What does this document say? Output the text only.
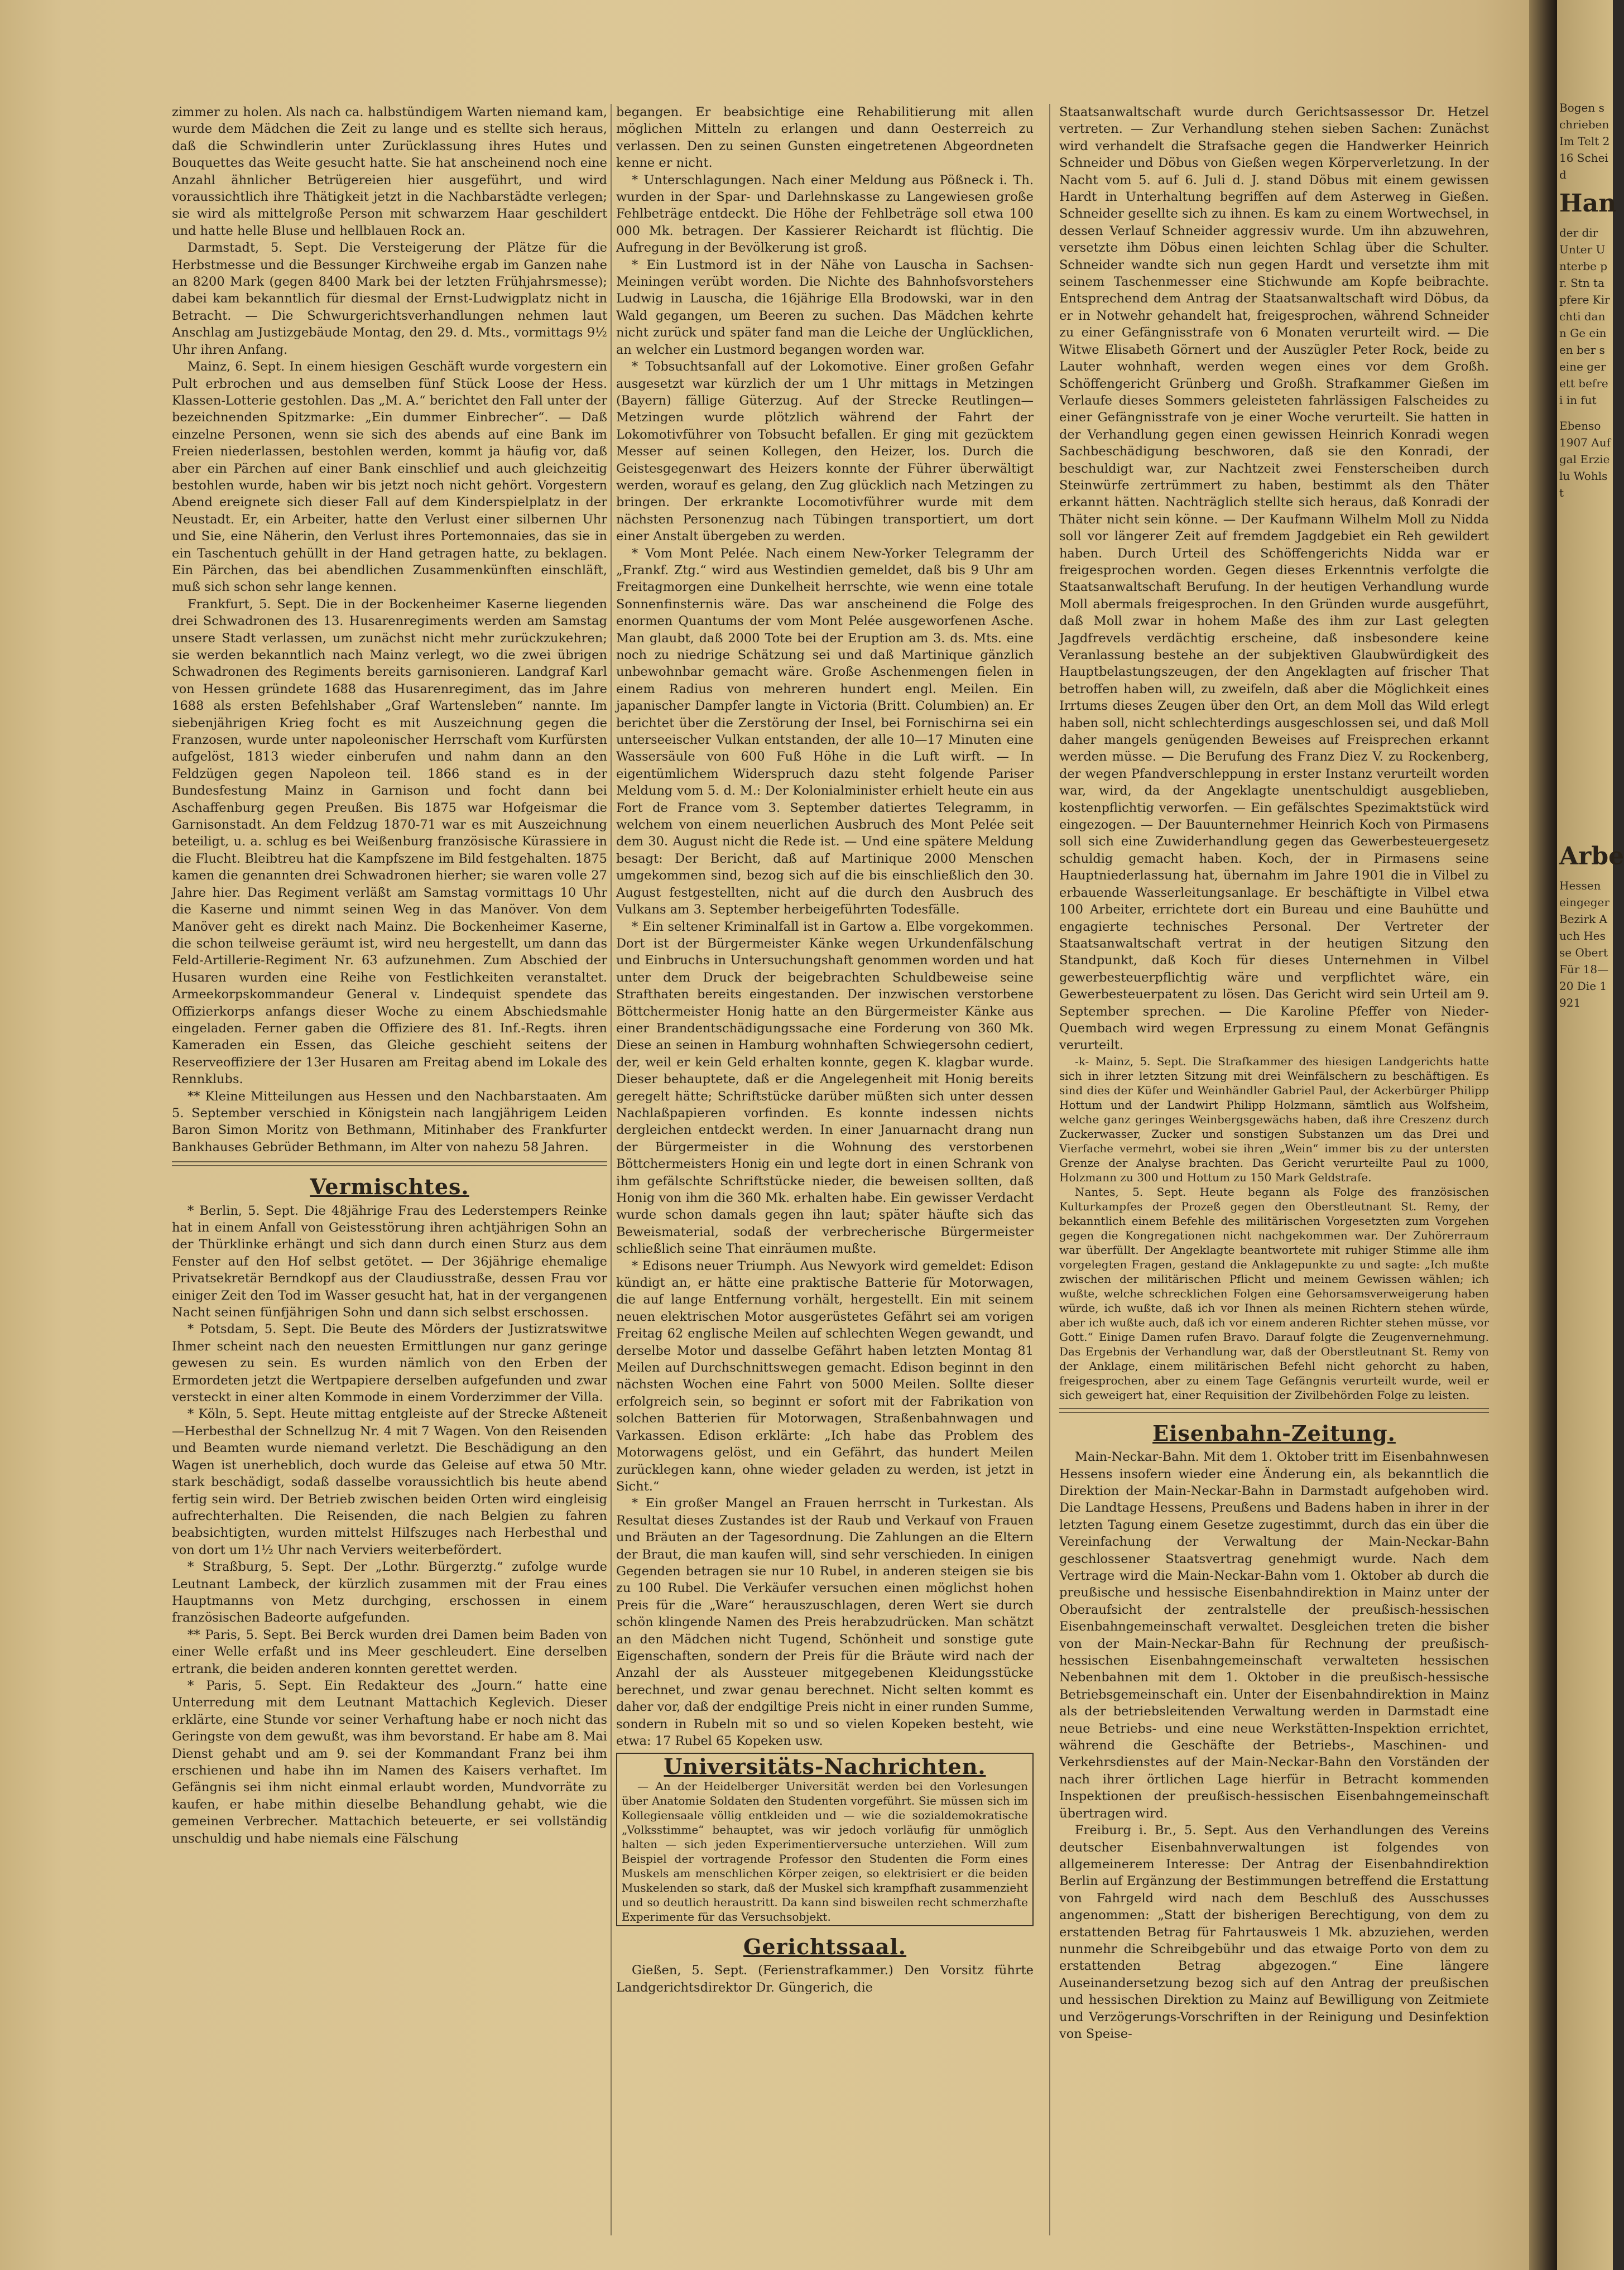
zimmer zu holen. Als nach ca. halbstündigem Warten niemand kam, wurde dem Mädchen die Zeit zu lange und es stellte sich heraus, daß die Schwindlerin unter Zurücklassung ihres Hutes und Bouquettes das Weite gesucht hatte. Sie hat anscheinend noch eine Anzahl ähnlicher Betrügereien hier ausgeführt, und wird voraussichtlich ihre Thätigkeit jetzt in die Nachbarstädte verlegen; sie wird als mittelgroße Person mit schwarzem Haar geschildert und hatte helle Bluse und hellblauen Rock an.

Darmstadt, 5. Sept. Die Versteigerung der Plätze für die Herbstmesse und die Bessunger Kirchweihe ergab im Ganzen nahe an 8200 Mark (gegen 8400 Mark bei der letzten Frühjahrsmesse); dabei kam bekanntlich für diesmal der Ernst-Ludwigplatz nicht in Betracht. — Die Schwurgerichtsverhandlungen nehmen laut Anschlag am Justizgebäude Montag, den 29. d. Mts., vormittags 9½ Uhr ihren Anfang.

Mainz, 6. Sept. In einem hiesigen Geschäft wurde vorgestern ein Pult erbrochen und aus demselben fünf Stück Loose der Hess. Klassen-Lotterie gestohlen. Das „M. A.“ berichtet den Fall unter der bezeichnenden Spitzmarke: „Ein dummer Einbrecher“. — Daß einzelne Personen, wenn sie sich des abends auf eine Bank im Freien niederlassen, bestohlen werden, kommt ja häufig vor, daß aber ein Pärchen auf einer Bank einschlief und auch gleichzeitig bestohlen wurde, haben wir bis jetzt noch nicht gehört. Vorgestern Abend ereignete sich dieser Fall auf dem Kinderspielplatz in der Neustadt. Er, ein Arbeiter, hatte den Verlust einer silbernen Uhr und Sie, eine Näherin, den Verlust ihres Portemonnaies, das sie in ein Taschentuch gehüllt in der Hand getragen hatte, zu beklagen. Ein Pärchen, das bei abendlichen Zusammenkünften einschläft, muß sich schon sehr lange kennen.

Frankfurt, 5. Sept. Die in der Bockenheimer Kaserne liegenden drei Schwadronen des 13. Husarenregiments werden am Samstag unsere Stadt verlassen, um zunächst nicht mehr zurückzukehren; sie werden bekanntlich nach Mainz verlegt, wo die zwei übrigen Schwadronen des Regiments bereits garnisonieren. Landgraf Karl von Hessen gründete 1688 das Husarenregiment, das im Jahre 1688 als ersten Befehlshaber „Graf Wartensleben“ nannte. Im siebenjährigen Krieg focht es mit Auszeichnung gegen die Franzosen, wurde unter napoleonischer Herrschaft vom Kurfürsten aufgelöst, 1813 wieder einberufen und nahm dann an den Feldzügen gegen Napoleon teil. 1866 stand es in der Bundesfestung Mainz in Garnison und focht dann bei Aschaffenburg gegen Preußen. Bis 1875 war Hofgeismar die Garnisonstadt. An dem Feldzug 1870-71 war es mit Auszeichnung beteiligt, u. a. schlug es bei Weißenburg französische Kürassiere in die Flucht. Bleibtreu hat die Kampfszene im Bild festgehalten. 1875 kamen die genannten drei Schwadronen hierher; sie waren volle 27 Jahre hier. Das Regiment verläßt am Samstag vormittags 10 Uhr die Kaserne und nimmt seinen Weg in das Manöver. Von dem Manöver geht es direkt nach Mainz. Die Bockenheimer Kaserne, die schon teilweise geräumt ist, wird neu hergestellt, um dann das Feld-Artillerie-Regiment Nr. 63 aufzunehmen. Zum Abschied der Husaren wurden eine Reihe von Festlichkeiten veranstaltet. Armeekorpskommandeur General v. Lindequist spendete das Offizierkorps anfangs dieser Woche zu einem Abschiedsmahle eingeladen. Ferner gaben die Offiziere des 81. Inf.-Regts. ihren Kameraden ein Essen, das Gleiche geschieht seitens der Reserveoffiziere der 13er Husaren am Freitag abend im Lokale des Rennklubs.

** Kleine Mitteilungen aus Hessen und den Nachbarstaaten. Am 5. September verschied in Königstein nach langjährigem Leiden Baron Simon Moritz von Bethmann, Mitinhaber des Frankfurter Bankhauses Gebrüder Bethmann, im Alter von nahezu 58 Jahren.

Vermischtes.

* Berlin, 5. Sept. Die 48jährige Frau des Lederstempers Reinke hat in einem Anfall von Geistesstörung ihren achtjährigen Sohn an der Thürklinke erhängt und sich dann durch einen Sturz aus dem Fenster auf den Hof selbst getötet. — Der 36jährige ehemalige Privatsekretär Berndkopf aus der Claudiusstraße, dessen Frau vor einiger Zeit den Tod im Wasser gesucht hat, hat in der vergangenen Nacht seinen fünfjährigen Sohn und dann sich selbst erschossen.

* Potsdam, 5. Sept. Die Beute des Mörders der Justizratswitwe Ihmer scheint nach den neuesten Ermittlungen nur ganz geringe gewesen zu sein. Es wurden nämlich von den Erben der Ermordeten jetzt die Wertpapiere derselben aufgefunden und zwar versteckt in einer alten Kommode in einem Vorderzimmer der Villa.

* Köln, 5. Sept. Heute mittag entgleiste auf der Strecke Aßteneit—Herbesthal der Schnellzug Nr. 4 mit 7 Wagen. Von den Reisenden und Beamten wurde niemand verletzt. Die Beschädigung an den Wagen ist unerheblich, doch wurde das Geleise auf etwa 50 Mtr. stark beschädigt, sodaß dasselbe voraussichtlich bis heute abend fertig sein wird. Der Betrieb zwischen beiden Orten wird eingleisig aufrechterhalten. Die Reisenden, die nach Belgien zu fahren beabsichtigten, wurden mittelst Hilfszuges nach Herbesthal und von dort um 1½ Uhr nach Verviers weiterbefördert.

* Straßburg, 5. Sept. Der „Lothr. Bürgerztg.“ zufolge wurde Leutnant Lambeck, der kürzlich zusammen mit der Frau eines Hauptmanns von Metz durchging, erschossen in einem französischen Badeorte aufgefunden.

** Paris, 5. Sept. Bei Berck wurden drei Damen beim Baden von einer Welle erfaßt und ins Meer geschleudert. Eine derselben ertrank, die beiden anderen konnten gerettet werden.

* Paris, 5. Sept. Ein Redakteur des „Journ.“ hatte eine Unterredung mit dem Leutnant Mattachich Keglevich. Dieser erklärte, eine Stunde vor seiner Verhaftung habe er noch nicht das Geringste von dem gewußt, was ihm bevorstand. Er habe am 8. Mai Dienst gehabt und am 9. sei der Kommandant Franz bei ihm erschienen und habe ihn im Namen des Kaisers verhaftet. Im Gefängnis sei ihm nicht einmal erlaubt worden, Mundvorräte zu kaufen, er habe mithin dieselbe Behandlung gehabt, wie die gemeinen Verbrecher. Mattachich beteuerte, er sei vollständig unschuldig und habe niemals eine Fälschung

begangen. Er beabsichtige eine Rehabilitierung mit allen möglichen Mitteln zu erlangen und dann Oesterreich zu verlassen. Den zu seinen Gunsten eingetretenen Abgeordneten kenne er nicht.

* Unterschlagungen. Nach einer Meldung aus Pößneck i. Th. wurden in der Spar- und Darlehnskasse zu Langewiesen große Fehlbeträge entdeckt. Die Höhe der Fehlbeträge soll etwa 100 000 Mk. betragen. Der Kassierer Reichardt ist flüchtig. Die Aufregung in der Bevölkerung ist groß.

* Ein Lustmord ist in der Nähe von Lauscha in Sachsen-Meiningen verübt worden. Die Nichte des Bahnhofsvorstehers Ludwig in Lauscha, die 16jährige Ella Brodowski, war in den Wald gegangen, um Beeren zu suchen. Das Mädchen kehrte nicht zurück und später fand man die Leiche der Unglücklichen, an welcher ein Lustmord begangen worden war.

* Tobsuchtsanfall auf der Lokomotive. Einer großen Gefahr ausgesetzt war kürzlich der um 1 Uhr mittags in Metzingen (Bayern) fällige Güterzug. Auf der Strecke Reutlingen—Metzingen wurde plötzlich während der Fahrt der Lokomotivführer von Tobsucht befallen. Er ging mit gezücktem Messer auf seinen Kollegen, den Heizer, los. Durch die Geistesgegenwart des Heizers konnte der Führer überwältigt werden, worauf es gelang, den Zug glücklich nach Metzingen zu bringen. Der erkrankte Locomotivführer wurde mit dem nächsten Personenzug nach Tübingen transportiert, um dort einer Anstalt übergeben zu werden.

* Vom Mont Pelée. Nach einem New-Yorker Telegramm der „Frankf. Ztg.“ wird aus Westindien gemeldet, daß bis 9 Uhr am Freitagmorgen eine Dunkelheit herrschte, wie wenn eine totale Sonnenfinsternis wäre. Das war anscheinend die Folge des enormen Quantums der vom Mont Pelée ausgeworfenen Asche. Man glaubt, daß 2000 Tote bei der Eruption am 3. ds. Mts. eine noch zu niedrige Schätzung sei und daß Martinique gänzlich unbewohnbar gemacht wäre. Große Aschenmengen fielen in einem Radius von mehreren hundert engl. Meilen. Ein japanischer Dampfer langte in Victoria (Britt. Columbien) an. Er berichtet über die Zerstörung der Insel, bei Fornischirna sei ein unterseeischer Vulkan entstanden, der alle 10—17 Minuten eine Wassersäule von 600 Fuß Höhe in die Luft wirft. — In eigentümlichem Widerspruch dazu steht folgende Pariser Meldung vom 5. d. M.: Der Kolonialminister erhielt heute ein aus Fort de France vom 3. September datiertes Telegramm, in welchem von einem neuerlichen Ausbruch des Mont Pelée seit dem 30. August nicht die Rede ist. — Und eine spätere Meldung besagt: Der Bericht, daß auf Martinique 2000 Menschen umgekommen sind, bezog sich auf die bis einschließlich den 30. August festgestellten, nicht auf die durch den Ausbruch des Vulkans am 3. September herbeigeführten Todesfälle.

* Ein seltener Kriminalfall ist in Gartow a. Elbe vorgekommen. Dort ist der Bürgermeister Känke wegen Urkundenfälschung und Einbruchs in Untersuchungshaft genommen worden und hat unter dem Druck der beigebrachten Schuldbeweise seine Strafthaten bereits eingestanden. Der inzwischen verstorbene Böttchermeister Honig hatte an den Bürgermeister Känke aus einer Brandentschädigungssache eine Forderung von 360 Mk. Diese an seinen in Hamburg wohnhaften Schwiegersohn cediert, der, weil er kein Geld erhalten konnte, gegen K. klagbar wurde. Dieser behauptete, daß er die Angelegenheit mit Honig bereits geregelt hätte; Schriftstücke darüber müßten sich unter dessen Nachlaßpapieren vorfinden. Es konnte indessen nichts dergleichen entdeckt werden. In einer Januarnacht drang nun der Bürgermeister in die Wohnung des verstorbenen Böttchermeisters Honig ein und legte dort in einen Schrank von ihm gefälschte Schriftstücke nieder, die beweisen sollten, daß Honig von ihm die 360 Mk. erhalten habe. Ein gewisser Verdacht wurde schon damals gegen ihn laut; später häufte sich das Beweismaterial, sodaß der verbrecherische Bürgermeister schließlich seine That einräumen mußte.

* Edisons neuer Triumph. Aus Newyork wird gemeldet: Edison kündigt an, er hätte eine praktische Batterie für Motorwagen, die auf lange Entfernung vorhält, hergestellt. Ein mit seinem neuen elektrischen Motor ausgerüstetes Gefährt sei am vorigen Freitag 62 englische Meilen auf schlechten Wegen gewandt, und derselbe Motor und dasselbe Gefährt haben letzten Montag 81 Meilen auf Durchschnittswegen gemacht. Edison beginnt in den nächsten Wochen eine Fahrt von 5000 Meilen. Sollte dieser erfolgreich sein, so beginnt er sofort mit der Fabrikation von solchen Batterien für Motorwagen, Straßenbahnwagen und Varkassen. Edison erklärte: „Ich habe das Problem des Motorwagens gelöst, und ein Gefährt, das hundert Meilen zurücklegen kann, ohne wieder geladen zu werden, ist jetzt in Sicht.“

* Ein großer Mangel an Frauen herrscht in Turkestan. Als Resultat dieses Zustandes ist der Raub und Verkauf von Frauen und Bräuten an der Tagesordnung. Die Zahlungen an die Eltern der Braut, die man kaufen will, sind sehr verschieden. In einigen Gegenden betragen sie nur 10 Rubel, in anderen steigen sie bis zu 100 Rubel. Die Verkäufer versuchen einen möglichst hohen Preis für die „Ware“ herauszuschlagen, deren Wert sie durch schön klingende Namen des Preis herabzudrücken. Man schätzt an den Mädchen nicht Tugend, Schönheit und sonstige gute Eigenschaften, sondern der Preis für die Bräute wird nach der Anzahl der als Aussteuer mitgegebenen Kleidungsstücke berechnet, und zwar genau berechnet. Nicht selten kommt es daher vor, daß der endgiltige Preis nicht in einer runden Summe, sondern in Rubeln mit so und so vielen Kopeken besteht, wie etwa: 17 Rubel 65 Kopeken usw.

Universitäts-Nachrichten.

— An der Heidelberger Universität werden bei den Vorlesungen über Anatomie Soldaten den Studenten vorgeführt. Sie müssen sich im Kollegiensaale völlig entkleiden und — wie die sozialdemokratische „Volksstimme“ behauptet, was wir jedoch vorläufig für unmöglich halten — sich jeden Experimentierversuche unterziehen. Will zum Beispiel der vortragende Professor den Studenten die Form eines Muskels am menschlichen Körper zeigen, so elektrisiert er die beiden Muskelenden so stark, daß der Muskel sich krampfhaft zusammenzieht und so deutlich heraustritt. Da kann sind bisweilen recht schmerzhafte Experimente für das Versuchsobjekt.

Gerichtssaal.

Gießen, 5. Sept. (Ferienstrafkammer.) Den Vorsitz führte Landgerichtsdirektor Dr. Güngerich, die

Staatsanwaltschaft wurde durch Gerichtsassessor Dr. Hetzel vertreten. — Zur Verhandlung stehen sieben Sachen: Zunächst wird verhandelt die Strafsache gegen die Handwerker Heinrich Schneider und Döbus von Gießen wegen Körperverletzung. In der Nacht vom 5. auf 6. Juli d. J. stand Döbus mit einem gewissen Hardt in Unterhaltung begriffen auf dem Asterweg in Gießen. Schneider gesellte sich zu ihnen. Es kam zu einem Wortwechsel, in dessen Verlauf Schneider aggressiv wurde. Um ihn abzuwehren, versetzte ihm Döbus einen leichten Schlag über die Schulter. Schneider wandte sich nun gegen Hardt und versetzte ihm mit seinem Taschenmesser eine Stichwunde am Kopfe beibrachte. Entsprechend dem Antrag der Staatsanwaltschaft wird Döbus, da er in Notwehr gehandelt hat, freigesprochen, während Schneider zu einer Gefängnisstrafe von 6 Monaten verurteilt wird. — Die Witwe Elisabeth Görnert und der Auszügler Peter Rock, beide zu Lauter wohnhaft, werden wegen eines vor dem Großh. Schöffengericht Grünberg und Großh. Strafkammer Gießen im Verlaufe dieses Sommers geleisteten fahrlässigen Falscheides zu einer Gefängnisstrafe von je einer Woche verurteilt. Sie hatten in der Verhandlung gegen einen gewissen Heinrich Konradi wegen Sachbeschädigung beschworen, daß sie den Konradi, der beschuldigt war, zur Nachtzeit zwei Fensterscheiben durch Steinwürfe zertrümmert zu haben, bestimmt als den Thäter erkannt hätten. Nachträglich stellte sich heraus, daß Konradi der Thäter nicht sein könne. — Der Kaufmann Wilhelm Moll zu Nidda soll vor längerer Zeit auf fremdem Jagdgebiet ein Reh gewildert haben. Durch Urteil des Schöffengerichts Nidda war er freigesprochen worden. Gegen dieses Erkenntnis verfolgte die Staatsanwaltschaft Berufung. In der heutigen Verhandlung wurde Moll abermals freigesprochen. In den Gründen wurde ausgeführt, daß Moll zwar in hohem Maße des ihm zur Last gelegten Jagdfrevels verdächtig erscheine, daß insbesondere keine Veranlassung bestehe an der subjektiven Glaubwürdigkeit des Hauptbelastungszeugen, der den Angeklagten auf frischer That betroffen haben will, zu zweifeln, daß aber die Möglichkeit eines Irrtums dieses Zeugen über den Ort, an dem Moll das Wild erlegt haben soll, nicht schlechterdings ausgeschlossen sei, und daß Moll daher mangels genügenden Beweises auf Freisprechen erkannt werden müsse. — Die Berufung des Franz Diez V. zu Rockenberg, der wegen Pfandverschleppung in erster Instanz verurteilt worden war, wird, da der Angeklagte unentschuldigt ausgeblieben, kostenpflichtig verworfen. — Ein gefälschtes Spezimaktstück wird eingezogen. — Der Bauunternehmer Heinrich Koch von Pirmasens soll sich eine Zuwiderhandlung gegen das Gewerbesteuergesetz schuldig gemacht haben. Koch, der in Pirmasens seine Hauptniederlassung hat, übernahm im Jahre 1901 die in Vilbel zu erbauende Wasserleitungsanlage. Er beschäftigte in Vilbel etwa 100 Arbeiter, errichtete dort ein Bureau und eine Bauhütte und engagierte technisches Personal. Der Vertreter der Staatsanwaltschaft vertrat in der heutigen Sitzung den Standpunkt, daß Koch für dieses Unternehmen in Vilbel gewerbesteuerpflichtig wäre und verpflichtet wäre, ein Gewerbesteuerpatent zu lösen. Das Gericht wird sein Urteil am 9. September sprechen. — Die Karoline Pfeffer von Nieder-Quembach wird wegen Erpressung zu einem Monat Gefängnis verurteilt.

-k- Mainz, 5. Sept. Die Strafkammer des hiesigen Landgerichts hatte sich in ihrer letzten Sitzung mit drei Weinfälschern zu beschäftigen. Es sind dies der Küfer und Weinhändler Gabriel Paul, der Ackerbürger Philipp Hottum und der Landwirt Philipp Holzmann, sämtlich aus Wolfsheim, welche ganz geringes Weinbergsgewächs haben, daß ihre Creszenz durch Zuckerwasser, Zucker und sonstigen Substanzen um das Drei und Vierfache vermehrt, wobei sie ihren „Wein“ immer bis zu der untersten Grenze der Analyse brachten. Das Gericht verurteilte Paul zu 1000, Holzmann zu 300 und Hottum zu 150 Mark Geldstrafe.

Nantes, 5. Sept. Heute begann als Folge des französischen Kulturkampfes der Prozeß gegen den Oberstleutnant St. Remy, der bekanntlich einem Befehle des militärischen Vorgesetzten zum Vorgehen gegen die Kongregationen nicht nachgekommen war. Der Zuhörerraum war überfüllt. Der Angeklagte beantwortete mit ruhiger Stimme alle ihm vorgelegten Fragen, gestand die Anklagepunkte zu und sagte: „Ich mußte zwischen der militärischen Pflicht und meinem Gewissen wählen; ich wußte, welche schrecklichen Folgen eine Gehorsamsverweigerung haben würde, ich wußte, daß ich vor Ihnen als meinen Richtern stehen würde, aber ich wußte auch, daß ich vor einem anderen Richter stehen müsse, vor Gott.“ Einige Damen rufen Bravo. Darauf folgte die Zeugenvernehmung. Das Ergebnis der Verhandlung war, daß der Oberstleutnant St. Remy von der Anklage, einem militärischen Befehl nicht gehorcht zu haben, freigesprochen, aber zu einem Tage Gefängnis verurteilt wurde, weil er sich geweigert hat, einer Requisition der Zivilbehörden Folge zu leisten.

Eisenbahn-Zeitung.

Main-Neckar-Bahn. Mit dem 1. Oktober tritt im Eisenbahnwesen Hessens insofern wieder eine Änderung ein, als bekanntlich die Direktion der Main-Neckar-Bahn in Darmstadt aufgehoben wird. Die Landtage Hessens, Preußens und Badens haben in ihrer in der letzten Tagung einem Gesetze zugestimmt, durch das ein über die Vereinfachung der Verwaltung der Main-Neckar-Bahn geschlossener Staatsvertrag genehmigt wurde. Nach dem Vertrage wird die Main-Neckar-Bahn vom 1. Oktober ab durch die preußische und hessische Eisenbahndirektion in Mainz unter der Oberaufsicht der zentralstelle der preußisch-hessischen Eisenbahngemeinschaft verwaltet. Desgleichen treten die bisher von der Main-Neckar-Bahn für Rechnung der preußisch-hessischen Eisenbahngemeinschaft verwalteten hessischen Nebenbahnen mit dem 1. Oktober in die preußisch-hessische Betriebsgemeinschaft ein. Unter der Eisenbahndirektion in Mainz als der betriebsleitenden Verwaltung werden in Darmstadt eine neue Betriebs- und eine neue Werkstätten-Inspektion errichtet, während die Geschäfte der Betriebs-, Maschinen- und Verkehrsdienstes auf der Main-Neckar-Bahn den Vorständen der nach ihrer örtlichen Lage hierfür in Betracht kommenden Inspektionen der preußisch-hessischen Eisenbahngemeinschaft übertragen wird.

Freiburg i. Br., 5. Sept. Aus den Verhandlungen des Vereins deutscher Eisenbahnverwaltungen ist folgendes von allgemeinerem Interesse: Der Antrag der Eisenbahndirektion Berlin auf Ergänzung der Bestimmungen betreffend die Erstattung von Fahrgeld wird nach dem Beschluß des Ausschusses angenommen: „Statt der bisherigen Berechtigung, von dem zu erstattenden Betrag für Fahrtausweis 1 Mk. abzuziehen, werden nunmehr die Schreibgebühr und das etwaige Porto von dem zu erstattenden Betrag abgezogen.“ Eine längere Auseinandersetzung bezog sich auf den Antrag der preußischen und hessischen Direktion zu Mainz auf Bewilligung von Zeitmiete und Verzögerungs-Vorschriften in der Reinigung und Desinfektion von Speise-

Bogen schrieben Im Telt 216 Scheid
Han
der dir Unter Unterbe pr. Stn tapfere Kirchti dann Ge einen ber seine gerett befrei in fut
Ebenso 1907 Aufgal Erzielu Wohlst
Arbe
Hessen eingeger Bezirk Auch Hesse Obert Für 18—20 Die 1921
